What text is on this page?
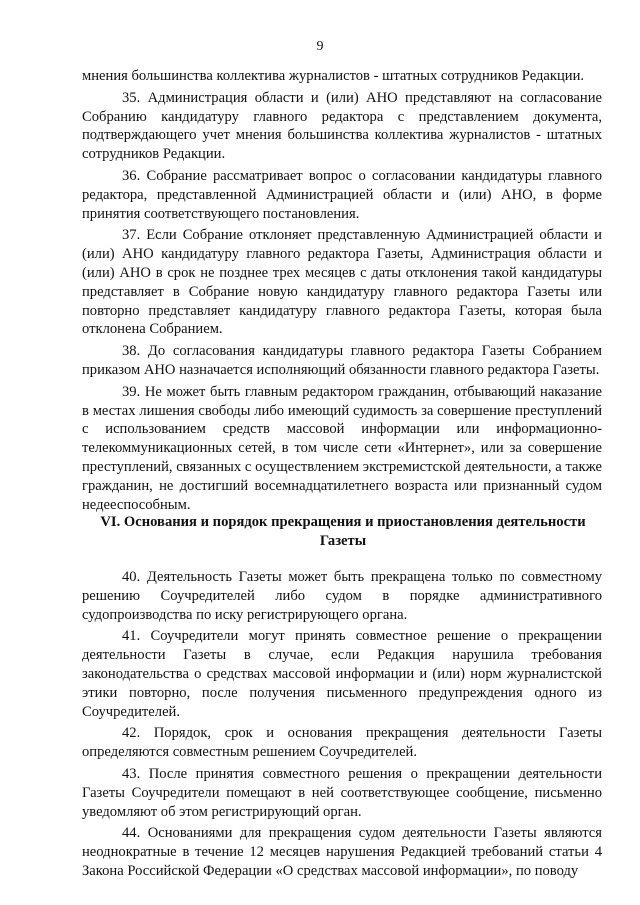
9

мнения большинства коллектива журналистов - штатных сотрудников Редакции.

35. Администрация области и (или) АНО представляют на согласование Собранию кандидатуру главного редактора с представлением документа, подтверждающего учет мнения большинства коллектива журналистов - штатных сотрудников Редакции.

36. Собрание рассматривает вопрос о согласовании кандидатуры главного редактора, представленной Администрацией области и (или) АНО, в форме принятия соответствующего постановления.

37. Если Собрание отклоняет представленную Администрацией области и (или) АНО кандидатуру главного редактора Газеты, Администрация области и (или) АНО в срок не позднее трех месяцев с даты отклонения такой кандидатуры представляет в Собрание новую кандидатуру главного редактора Газеты или повторно представляет кандидатуру главного редактора Газеты, которая была отклонена Собранием.

38. До согласования кандидатуры главного редактора Газеты Собранием приказом АНО назначается исполняющий обязанности главного редактора Газеты.

39. Не может быть главным редактором гражданин, отбывающий наказание в местах лишения свободы либо имеющий судимость за совершение преступлений с использованием средств массовой информации или информационно-телекоммуникационных сетей, в том числе сети «Интернет», или за совершение преступлений, связанных с осуществлением экстремистской деятельности, а также гражданин, не достигший восемнадцатилетнего возраста или признанный судом недееспособным.

VI. Основания и порядок прекращения и приостановления деятельности Газеты

40. Деятельность Газеты может быть прекращена только по совместному решению Соучредителей либо судом в порядке административного судопроизводства по иску регистрирующего органа.

41. Соучредители могут принять совместное решение о прекращении деятельности Газеты в случае, если Редакция нарушила требования законодательства о средствах массовой информации и (или) норм журналистской этики повторно, после получения письменного предупреждения одного из Соучредителей.

42. Порядок, срок и основания прекращения деятельности Газеты определяются совместным решением Соучредителей.

43. После принятия совместного решения о прекращении деятельности Газеты Соучредители помещают в ней соответствующее сообщение, письменно уведомляют об этом регистрирующий орган.

44. Основаниями для прекращения судом деятельности Газеты являются неоднократные в течение 12 месяцев нарушения Редакцией требований статьи 4 Закона Российской Федерации «О средствах массовой информации», по поводу
